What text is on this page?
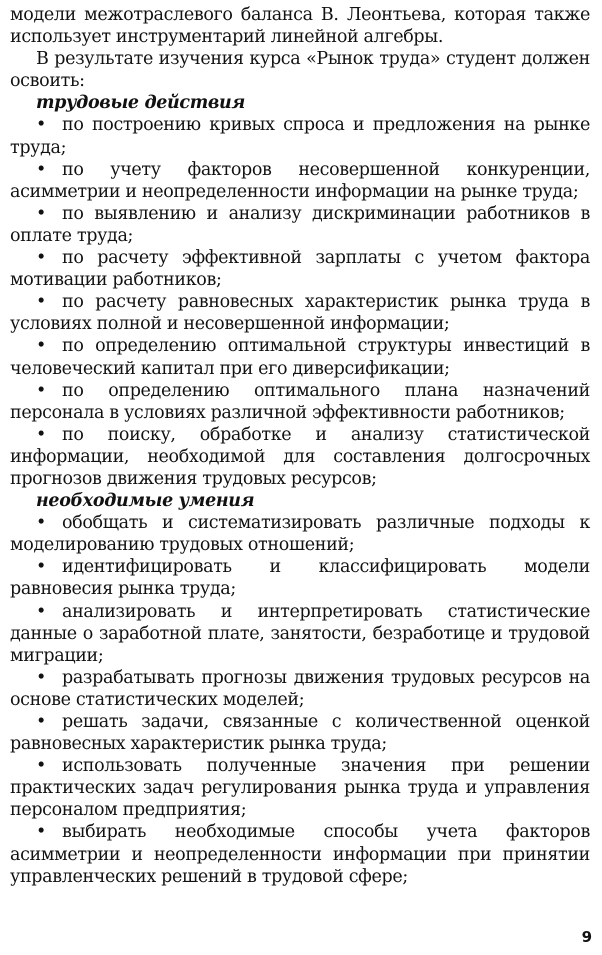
модели межотраслевого баланса В. Леонтьева, которая также использует инструментарий линейной алгебры.

В результате изучения курса «Рынок труда» студент должен освоить:

трудовые действия

• по построению кривых спроса и предложения на рынке труда;

• по учету факторов несовершенной конкуренции, асимметрии и неопределенности информации на рынке труда;

• по выявлению и анализу дискриминации работников в оплате труда;

• по расчету эффективной зарплаты с учетом фактора мотивации работников;

• по расчету равновесных характеристик рынка труда в условиях полной и несовершенной информации;

• по определению оптимальной структуры инвестиций в человеческий капитал при его диверсификации;

• по определению оптимального плана назначений персонала в условиях различной эффективности работников;

• по поиску, обработке и анализу статистической информации, необходимой для составления долгосрочных прогнозов движения трудовых ресурсов;

необходимые умения

• обобщать и систематизировать различные подходы к моделированию трудовых отношений;

• идентифицировать и классифицировать модели равновесия рынка труда;

• анализировать и интерпретировать статистические данные о заработной плате, занятости, безработице и трудовой миграции;

• разрабатывать прогнозы движения трудовых ресурсов на основе статистических моделей;

• решать задачи, связанные с количественной оценкой равновесных характеристик рынка труда;

• использовать полученные значения при решении практических задач регулирования рынка труда и управления персоналом предприятия;

• выбирать необходимые способы учета факторов асимметрии и неопределенности информации при принятии управленческих решений в трудовой сфере;

9
